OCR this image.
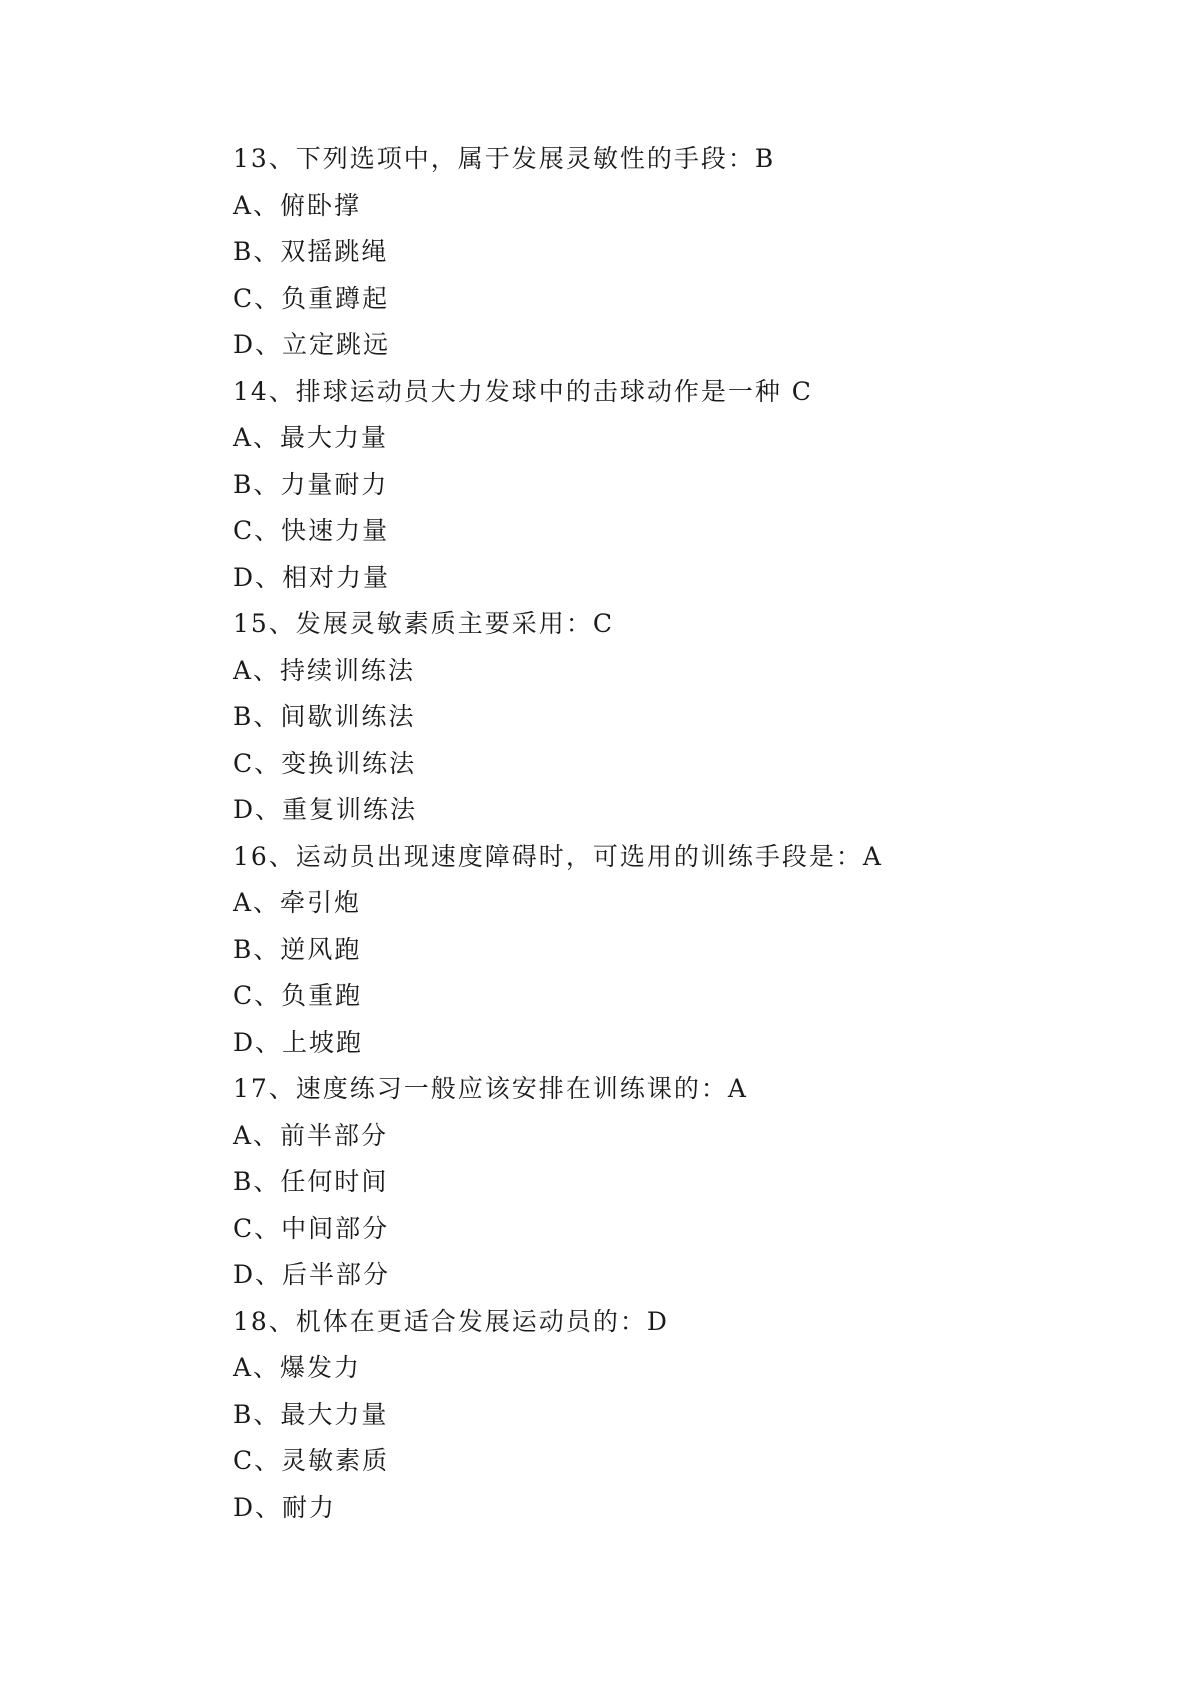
13、下列选项中，属于发展灵敏性的手段：B
A、俯卧撑
B、双摇跳绳
C、负重蹲起
D、立定跳远
14、排球运动员大力发球中的击球动作是一种 C
A、最大力量
B、力量耐力
C、快速力量
D、相对力量
15、发展灵敏素质主要采用：C
A、持续训练法
B、间歇训练法
C、变换训练法
D、重复训练法
16、运动员出现速度障碍时，可选用的训练手段是：A
A、牵引炮
B、逆风跑
C、负重跑
D、上坡跑
17、速度练习一般应该安排在训练课的：A
A、前半部分
B、任何时间
C、中间部分
D、后半部分
18、机体在更适合发展运动员的：D
A、爆发力
B、最大力量
C、灵敏素质
D、耐力
